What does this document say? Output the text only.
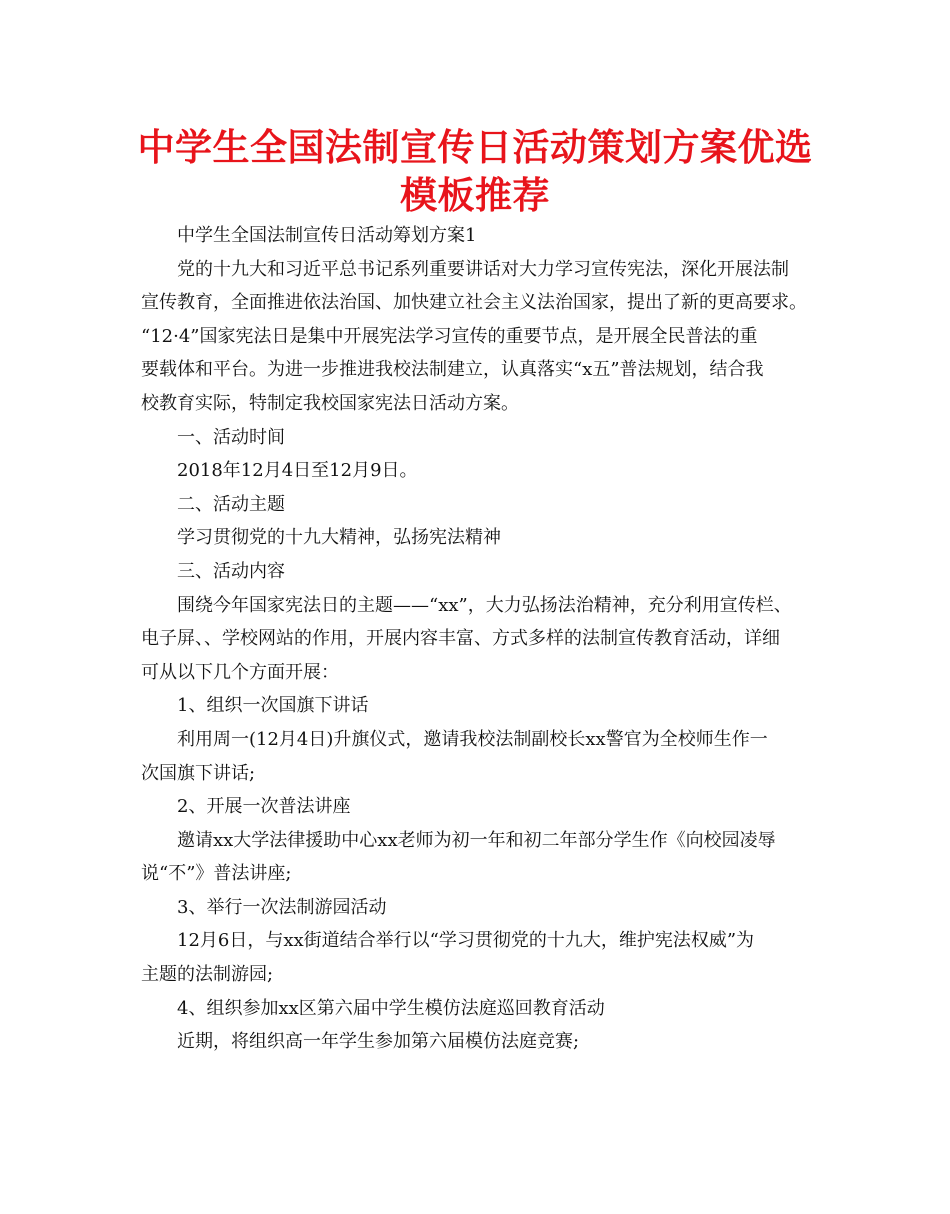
中学生全国法制宣传日活动策划方案优选
模板推荐

中学生全国法制宣传日活动筹划方案1

党的十九大和习近平总书记系列重要讲话对大力学习宣传宪法，深化开展法制
宣传教育，全面推进依法治国、加快建立社会主义法治国家，提出了新的更高要求。
“12·4”国家宪法日是集中开展宪法学习宣传的重要节点，是开展全民普法的重
要载体和平台。为进一步推进我校法制建立，认真落实“x五”普法规划，结合我
校教育实际，特制定我校国家宪法日活动方案。

一、活动时间

2018年12月4日至12月9日。

二、活动主题

学习贯彻党的十九大精神，弘扬宪法精神

三、活动内容

围绕今年国家宪法日的主题——“xx”，大力弘扬法治精神，充分利用宣传栏、
电子屏、、学校网站的作用，开展内容丰富、方式多样的法制宣传教育活动，详细
可从以下几个方面开展：

1、组织一次国旗下讲话

利用周一(12月4日)升旗仪式，邀请我校法制副校长xx警官为全校师生作一
次国旗下讲话;

2、开展一次普法讲座

邀请xx大学法律援助中心xx老师为初一年和初二年部分学生作《向校园凌辱
说“不”》普法讲座;

3、举行一次法制游园活动

12月6日，与xx街道结合举行以“学习贯彻党的十九大，维护宪法权威”为
主题的法制游园;

4、组织参加xx区第六届中学生模仿法庭巡回教育活动

近期，将组织高一年学生参加第六届模仿法庭竞赛;
